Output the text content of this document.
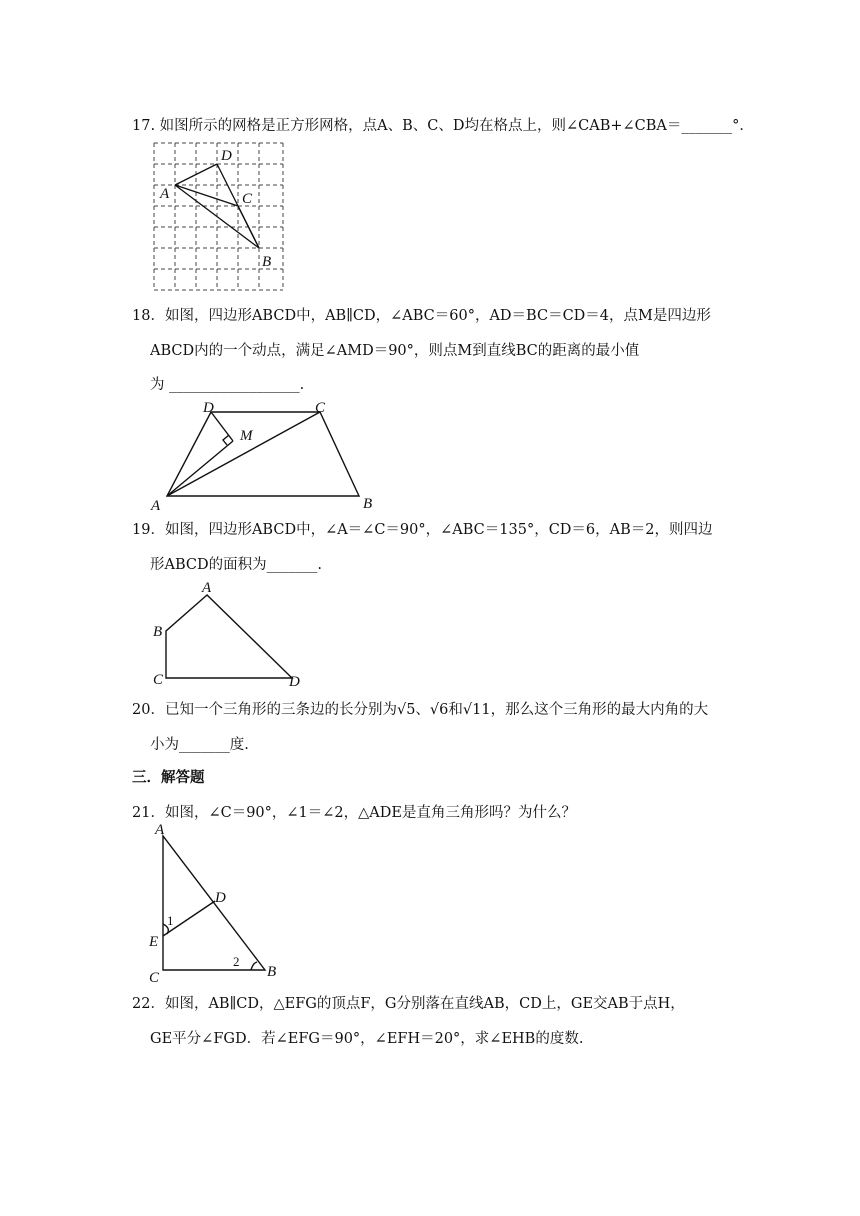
17. 如图所示的网格是正方形网格，点A、B、C、D均在格点上，则∠CAB+∠CBA＝_______°．
A
B
C
D
18．如图，四边形ABCD中，AB∥CD，∠ABC＝60°，AD＝BC＝CD＝4，点M是四边形
ABCD内的一个动点，满足∠AMD＝90°，则点M到直线BC的距离的最小值
为 __________________.
A	B
C
D
M
19．如图，四边形ABCD中，∠A＝∠C＝90°，∠ABC＝135°，CD＝6，AB＝2，则四边
形ABCD的面积为_______.
A
B
C	D
20．已知一个三角形的三条边的长分别为√5、√6和√11，那么这个三角形的最大内角的大
小为_______度.
三．解答题
21．如图，∠C＝90°，∠1＝∠2，△ADE是直角三角形吗？为什么？
A
B
C
D
E
1
2
22．如图，AB∥CD，△EFG的顶点F，G分别落在直线AB，CD上，GE交AB于点H，
GE平分∠FGD．若∠EFG＝90°，∠EFH＝20°，求∠EHB的度数.
